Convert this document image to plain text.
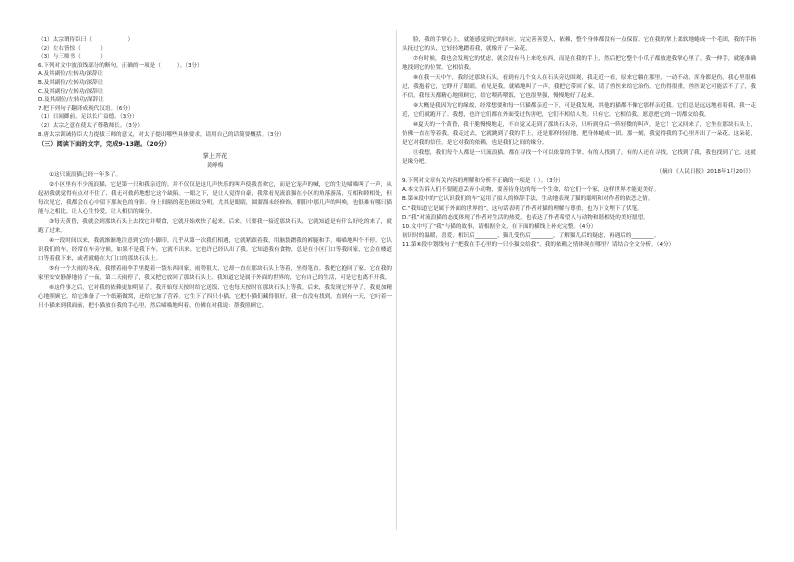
（1）太宗谓侍臣曰（                    ）

（2）左右皆惊（           ）

（3）与三师书（           ）

6.下列对文中波浪线部分的断句，正确的一项是（         ）。（3分）

A.及其副位/左转功/深辞让

B.及其副位/左转功/深辞让

C.及其副位/左转功/深辞让

D.及其副位/左转功/深辞让

7.把下列句子翻译成现代汉语。（6分）

（1）日闻御前，足以长广益德。（3分）

（2）太宗之意在使太子尊敬师长。（3分）

8.唐太宗训诫侍臣大力提拔三师的意义，对太子提出哪些具体要求，请用自己的话简要概括。（3分）

（三）阅读下面的文字，完成9-13题。（20分）

掌上开花

黄峥梅

①这只流浪猫已经一年多了。

②小区里有不少流浪猫，它是第一只和我亲近的。并不仅仅是这几声快乐的叫声使我喜欢它，而是它宠声的喊，它的生边喵喵叫了一声，从起初我就觉得有点对不住了，我无可救药地想它这个缺陷。一眼之下，是让人觉得自豪，我常看见流浪猫在小区的角落游荡，互相和睦相处，但每次见它，我都会在心中留下那灰色的身影。身上间隔的花色斑纹分明，尤其是眼睛，圆溜溜未经修饰，朝阳中那几声的叫唤，也很难有哪只猫能与之相比，让人心生怜爱，让人相信的缘分。

③每天黄昏，我就会到那块石头上去找它并喂食，它就开始欢快了起来。后来，只要我一接近那块石头，它就知道是有什么好吃的来了，就跑了过来。

④一段时间以来，我就渐渐地注意到它的小脚印。几乎从第一次我们相遇，它就紧跟着我，用脑袋蹭我的裤腿和手，喵喵地叫个不停。它认识我们的车，经常在车旁守候，如果不是我下车，它就不出来。它也许已经认出了我。它知道我有食物，总是在小区门口等我回家，它会在楼道口等着我下来，或者就蜷在大门口的那块石头上。

⑤有一个大雨的冬夜，我撑着雨伞手里提着一袋东西回家，雨势很大，它却一直在那块石头上等着，坐得笔直。我把它抱回了家。它在我的家里安安静静地待了一夜，第二天雨停了，我又把它放回了那块石头上。我知道它是属于外面的世界的，它有自己的生活，可是它也离不开我。

⑥这件事之后，它对我的依赖更加明显了。我开始每天按时给它送饭，它也每天按时在那块石头上等我。后来，我发现它怀孕了，我更加精心地照顾它，给它准备了一个纸箱做窝，还给它加了营养。它生下了四只小猫，它把小猫们藏得很好，我一直没有找到。直到有一天，它叼着一只小猫来到我面前，把小猫放在我的手心里，然后喵喵地叫着，仿佛在对我说：帮我照顾它。

脸，我的手掌心上，就能感觉到它的回应，完完善善爱人，依赖，整个身体都没有一点保留。它在我的掌上柔软地蜷成一个毛团，我的手指头抚过它的头，它轻轻地蹭着我，就像开了一朵花。

⑦有时候，我也会发现它的忧虑，就会没有马上来吃东西，而是在我的手上，然后把它整个小爪子都放进我掌心里了。我一伸手，就能准确地找到它的位置，它相信我。

⑧在我一天中午，我经过那块石头，看到有几个女人在石头旁边围观，我走近一看，原来它躺在那里，一动不动，浑身都是伤。我心里很难过，我抱着它，它睁开了眼睛，看见是我，就喵地叫了一声，我把它带回了家，请了兽医来给它治伤。它伤得很重，兽医说它可能活不了了，我不信，我每天都精心地照顾它，给它喂药喂饭，它也很坚强，慢慢地好了起来。

⑨大概是我因为它的缘故，经常想要和每一只猫都亲近一下，可是我发现，其他的猫都不像它那样亲近我。它们总是远远地看着我，我一走近，它们就跑开了。我想，也许它们都在外面受过伤害吧，它们不相信人类。只有它，它相信我，愿意把它的一切都交给我。

⑩夏天的一个黄昏，我干脆慢慢地走，不自觉又走到了那块石头旁，只听到身后一阵轻微的叫声，是它！它又回来了，它坐在那块石头上，仿佛一直在等着我。我走过去，它就跳到了我的手上，还是那样轻轻地，把身体蜷成一团。那一刻，我觉得我的手心里开出了一朵花。这朵花，是它对我的信任，是它对我的依赖，也是我们之间的缘分。

⑪我想，我们每个人都是一只流浪猫，都在寻找一个可以依靠的手掌。有的人找到了，有的人还在寻找。它找到了我，我也找到了它。这就是缘分吧。

（摘自《人民日报》2018年1月20日）

9.下列对文章有关内容的理解和分析不正确的一项是（ ）。（3分）

A.本文告诉人们不要随意丢弃小动物，要善待身边的每一个生命，给它们一个家，这样世界才能更美好。

B.第④段中的“它认识我们的车”运用了拟人的修辞手法，生动地表现了猫的聪明和对作者的依恋之情。

C.“我知道它是属于外面的世界的”，这句话表明了作者对猫的理解与尊重，也为下文埋下了伏笔。

D.“我”对流浪猫的态度体现了作者对生活的热爱，也表达了作者希望人与动物和谐相处的美好愿望。

10.文中写了“我”与猫的故事，请根据全文，在下面的横线上补充完整。（4分）

初识时的温暖，喜爱，相识后________，猫儿受伤后________，了解猫儿后的疑虑，再遇后的________。

11.第⑥段中划线句子“把我在手心里的一只小猫交给我”，我的依赖之情体现在哪里？请结合全文分析。（4分）
